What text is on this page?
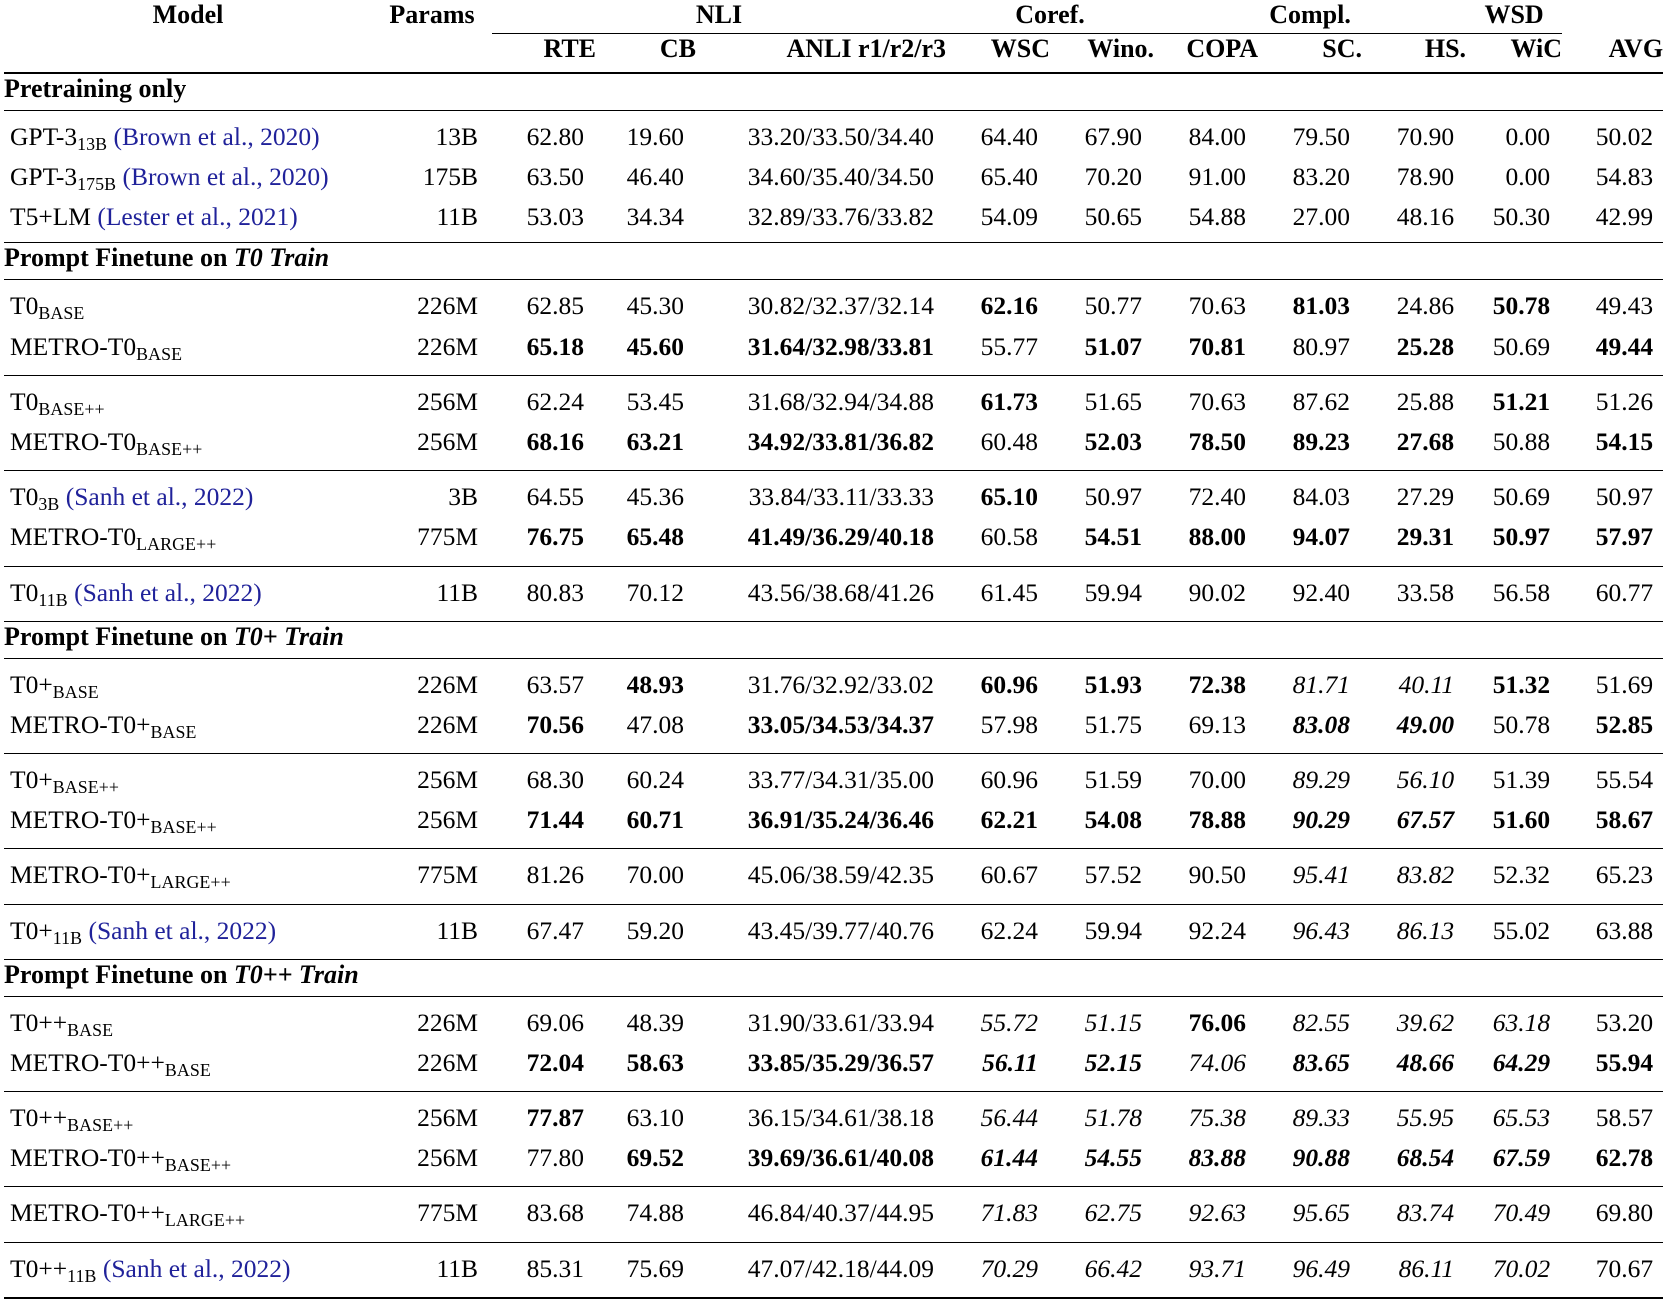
Model	Params	NLI			Coref.		Compl.			WSD	
		RTE	CB	ANLI r1/r2/r3	WSC	Wino.	COPA	SC.	HS.	WiC	AVG

Pretraining only											

GPT-$3_{13B}$ (Brown et al., 2020)	13B	62.80	19.60	33.20/33.50/34.40	64.40	67.90	84.00	79.50	70.90	0.00	50.02
GPT-$3_{175B}$ (Brown et al., 2020)	175B	63.50	46.40	34.60/35.40/34.50	65.40	70.20	91.00	83.20	78.90	0.00	54.83
T5+LM (Lester et al., 2021)	11B	53.03	34.34	32.89/33.76/33.82	54.09	50.65	54.88	27.00	48.16	50.30	42.99

Prompt Finetune on T0 Train											

$T0_{BASE}$	226M	62.85	45.30	30.82/32.37/32.14	62.16	50.77	70.63	81.03	24.86	50.78	49.43
METRO-$T0_{BASE}$	226M	65.18	45.60	31.64/32.98/33.81	55.77	51.07	70.81	80.97	25.28	50.69	49.44

$T0_{BASE++}$	256M	62.24	53.45	31.68/32.94/34.88	61.73	51.65	70.63	87.62	25.88	51.21	51.26
METRO-$T0_{BASE++}$	256M	68.16	63.21	34.92/33.81/36.82	60.48	52.03	78.50	89.23	27.68	50.88	54.15

$T0_{3B}$ (Sanh et al., 2022)	3B	64.55	45.36	33.84/33.11/33.33	65.10	50.97	72.40	84.03	27.29	50.69	50.97
METRO-$T0_{LARGE++}$	775M	76.75	65.48	41.49/36.29/40.18	60.58	54.51	88.00	94.07	29.31	50.97	57.97

$T0_{11B}$ (Sanh et al., 2022)	11B	80.83	70.12	43.56/38.68/41.26	61.45	59.94	90.02	92.40	33.58	56.58	60.77

Prompt Finetune on T0+ Train											

$T0+_{BASE}$	226M	63.57	48.93	31.76/32.92/33.02	60.96	51.93	72.38	81.71	40.11	51.32	51.69
METRO-$T0+_{BASE}$	226M	70.56	47.08	33.05/34.53/34.37	57.98	51.75	69.13	83.08	49.00	50.78	52.85

$T0+_{BASE++}$	256M	68.30	60.24	33.77/34.31/35.00	60.96	51.59	70.00	89.29	56.10	51.39	55.54
METRO-$T0+_{BASE++}$	256M	71.44	60.71	36.91/35.24/36.46	62.21	54.08	78.88	90.29	67.57	51.60	58.67

METRO-$T0+_{LARGE++}$	775M	81.26	70.00	45.06/38.59/42.35	60.67	57.52	90.50	95.41	83.82	52.32	65.23

$T0+_{11B}$ (Sanh et al., 2022)	11B	67.47	59.20	43.45/39.77/40.76	62.24	59.94	92.24	96.43	86.13	55.02	63.88

Prompt Finetune on T0++ Train											

$T0++_{BASE}$	226M	69.06	48.39	31.90/33.61/33.94	55.72	51.15	76.06	82.55	39.62	63.18	53.20
METRO-$T0++_{BASE}$	226M	72.04	58.63	33.85/35.29/36.57	56.11	52.15	74.06	83.65	48.66	64.29	55.94

$T0++_{BASE++}$	256M	77.87	63.10	36.15/34.61/38.18	56.44	51.78	75.38	89.33	55.95	65.53	58.57
METRO-$T0++_{BASE++}$	256M	77.80	69.52	39.69/36.61/40.08	61.44	54.55	83.88	90.88	68.54	67.59	62.78

METRO-$T0++_{LARGE++}$	775M	83.68	74.88	46.84/40.37/44.95	71.83	62.75	92.63	95.65	83.74	70.49	69.80

$T0++_{11B}$ (Sanh et al., 2022)	11B	85.31	75.69	47.07/42.18/44.09	70.29	66.42	93.71	96.49	86.11	70.02	70.67
